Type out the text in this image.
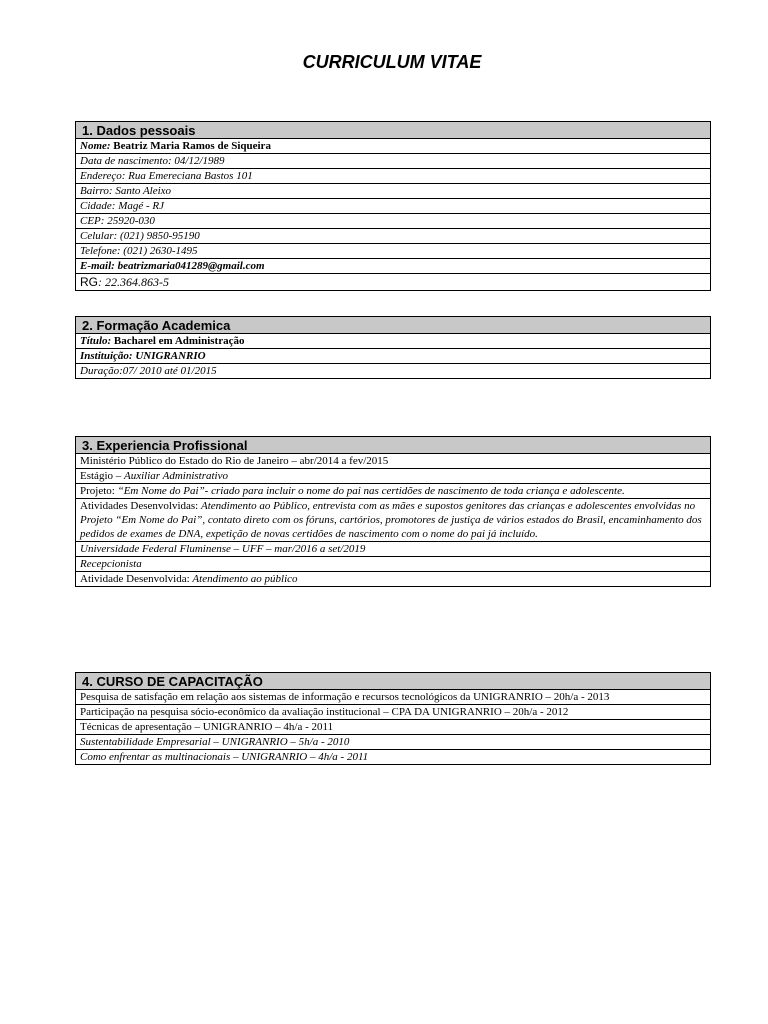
CURRICULUM VITAE
1. Dados pessoais
Nome: Beatriz Maria Ramos de Siqueira
Data de nascimento: 04/12/1989
Endereço: Rua Emereciana Bastos 101
Bairro: Santo Aleixo
Cidade: Magé - RJ
CEP: 25920-030
Celular: (021) 9850-95190
Telefone: (021) 2630-1495
E-mail: beatrizmaria041289@gmail.com
RG: 22.364.863-5
2. Formação Academica
Título: Bacharel em Administração
Instituição: UNIGRANRIO
Duração:07/ 2010 até 01/2015
3. Experiencia Profissional
Ministério Público do Estado do Rio de Janeiro – abr/2014 a fev/2015
Estágio – Auxiliar Administrativo
Projeto: “Em Nome do Pai”- criado para incluir o nome do pai nas certidões de nascimento de toda criança e adolescente.
Atividades Desenvolvidas: Atendimento ao Público, entrevista com as mães e supostos genitores das crianças e adolescentes envolvidas no Projeto “Em Nome do Pai”, contato direto com os fóruns, cartórios, promotores de justiça de vários estados do Brasil, encaminhamento dos pedidos de exames de DNA, expetição de novas certidões de nascimento com o nome do pai já incluído.
Universidade Federal Fluminense – UFF – mar/2016 a set/2019
Recepcionista
Atividade Desenvolvida: Atendimento ao público
4. CURSO DE CAPACITAÇÃO
Pesquisa de satisfação em relação aos sistemas de informação e recursos tecnológicos da UNIGRANRIO – 20h/a - 2013
Participação na pesquisa sócio-econômico da avaliação institucional – CPA DA UNIGRANRIO – 20h/a - 2012
Técnicas de apresentação – UNIGRANRIO – 4h/a - 2011
Sustentabilidade Empresarial – UNIGRANRIO – 5h/a - 2010
Como enfrentar as multinacionais – UNIGRANRIO – 4h/a - 2011
